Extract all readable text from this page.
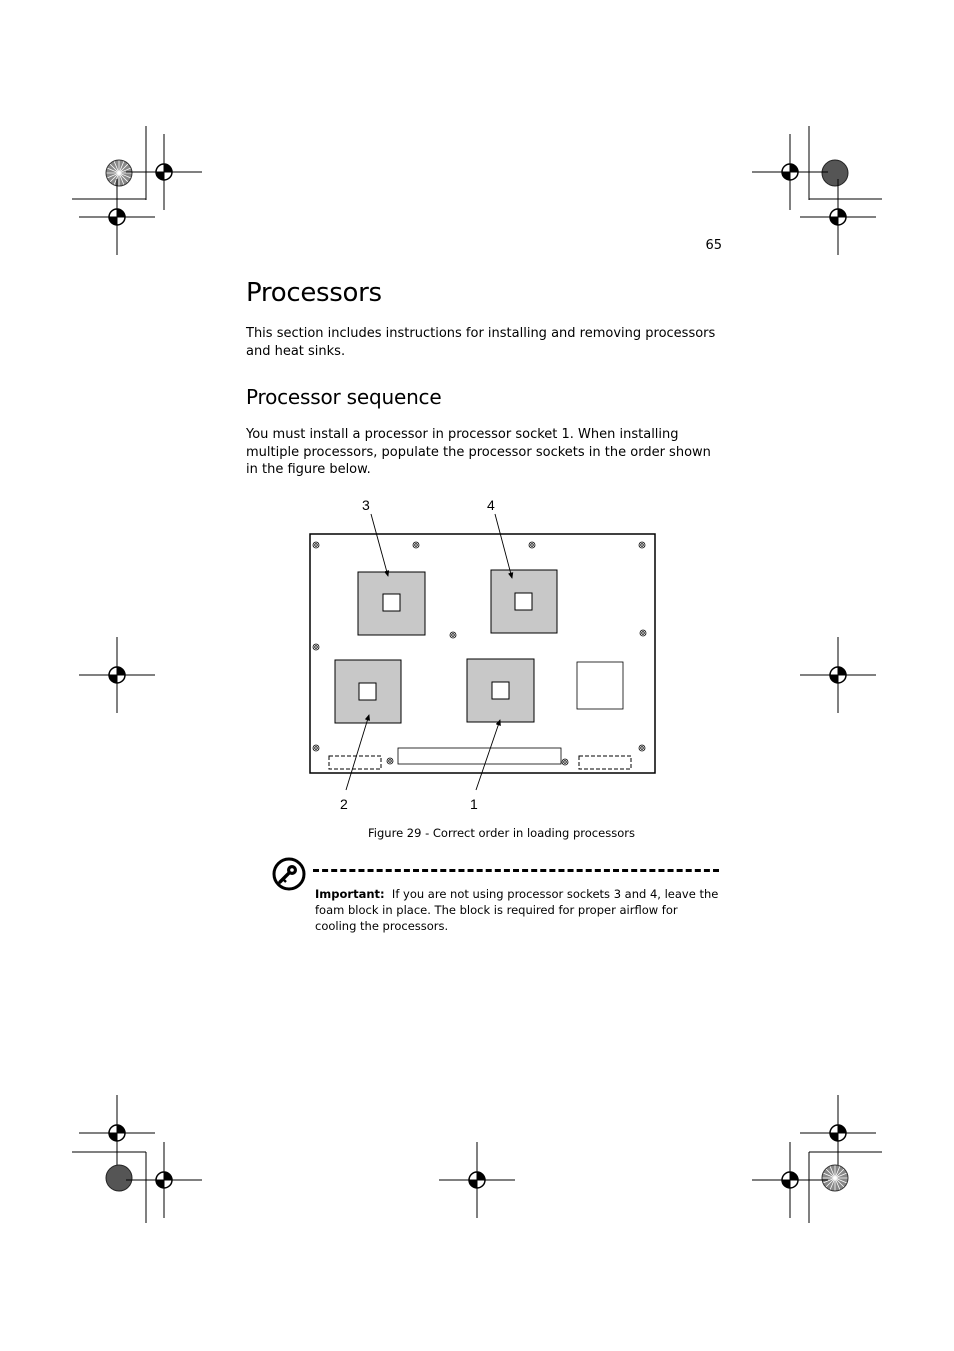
65
Processors

This section includes instructions for installing and removing processors and heat sinks.

Processor sequence

You must install a processor in processor socket 1. When installing multiple processors, populate the processor sockets in the order shown in the figure below.

3	4
2	1
Figure 29 - Correct order in loading processors

Important: If you are not using processor sockets 3 and 4, leave the foam block in place. The block is required for proper airflow for cooling the processors.
